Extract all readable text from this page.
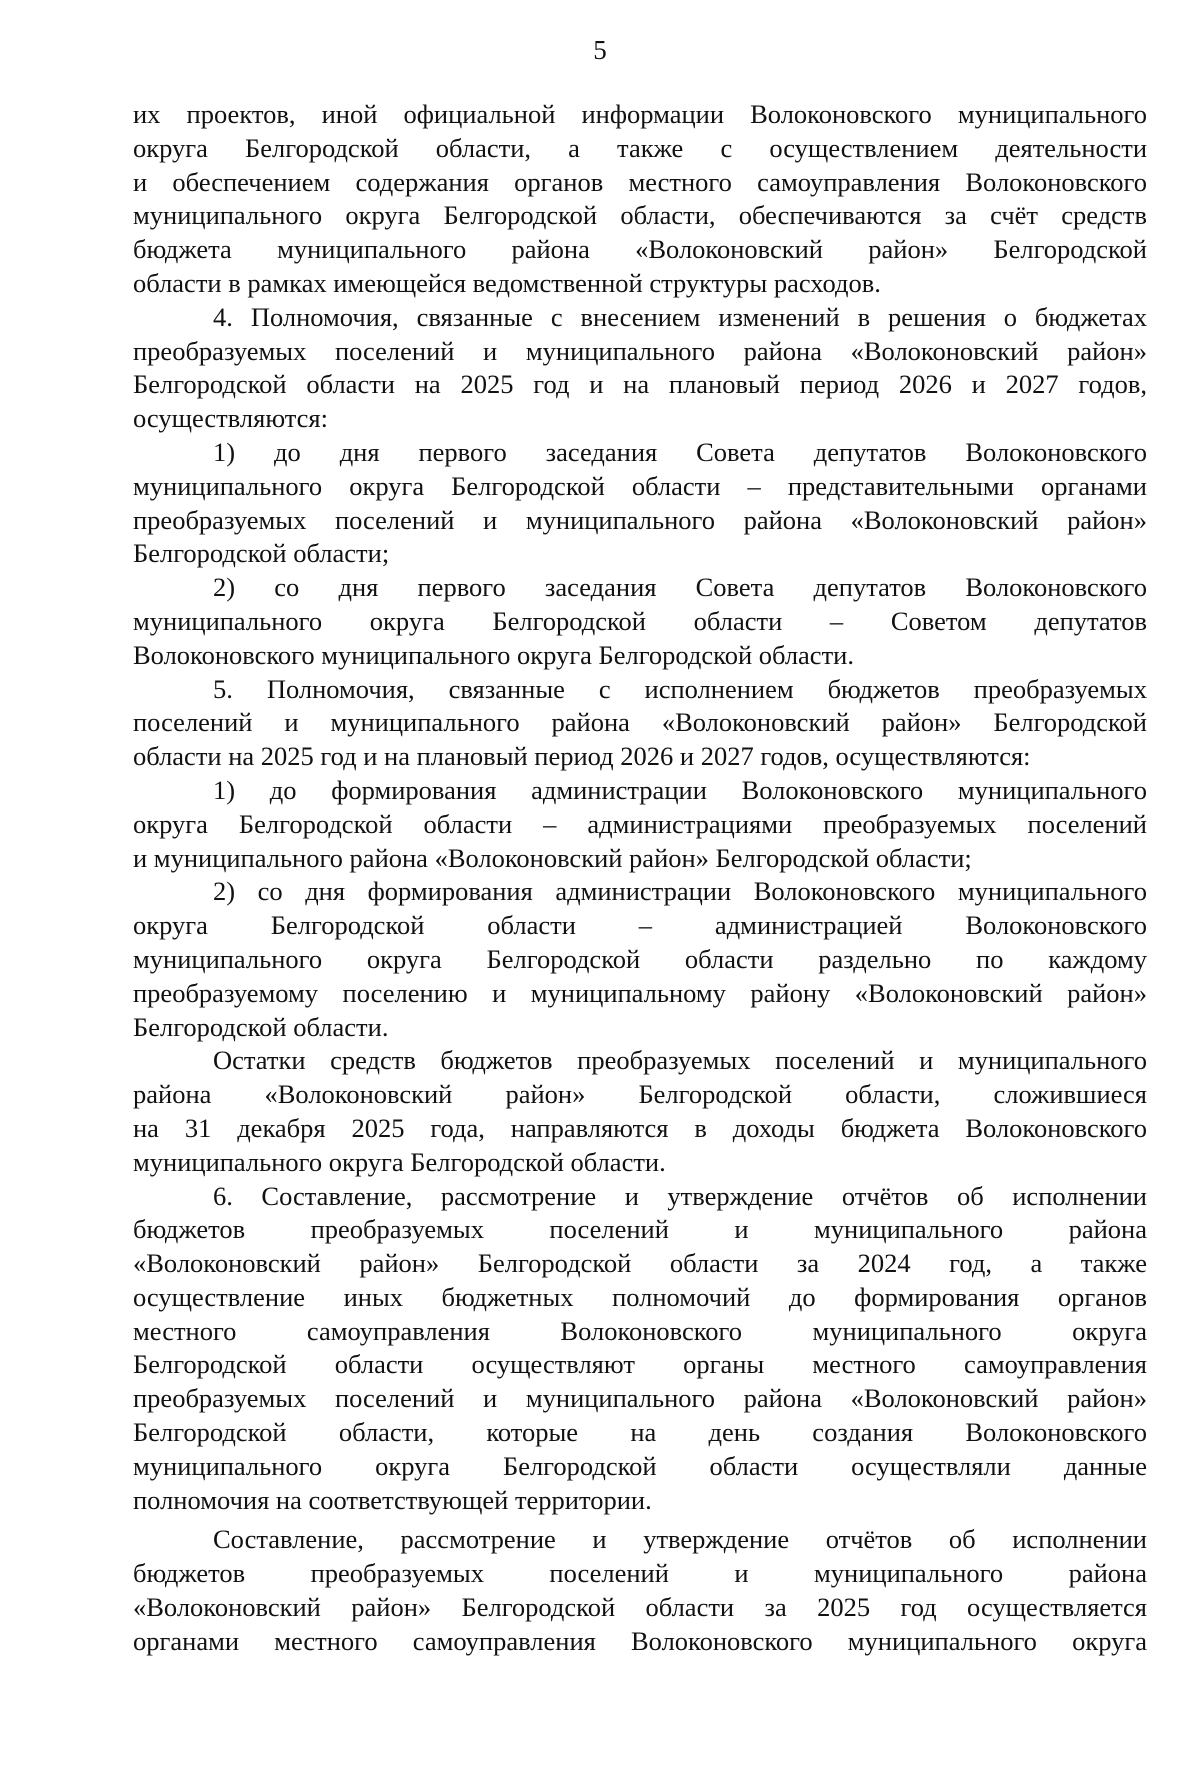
5
их проектов, иной официальной информации Волоконовского муниципального
округа Белгородской области, а также с осуществлением деятельности
и обеспечением содержания органов местного самоуправления Волоконовского
муниципального округа Белгородской области, обеспечиваются за счёт средств
бюджета муниципального района «Волоконовский район» Белгородской
области в рамках имеющейся ведомственной структуры расходов.
4. Полномочия, связанные с внесением изменений в решения о бюджетах
преобразуемых поселений и муниципального района «Волоконовский район»
Белгородской области на 2025 год и на плановый период 2026 и 2027 годов,
осуществляются:
1) до дня первого заседания Совета депутатов Волоконовского
муниципального округа Белгородской области – представительными органами
преобразуемых поселений и муниципального района «Волоконовский район»
Белгородской области;
2) со дня первого заседания Совета депутатов Волоконовского
муниципального округа Белгородской области – Советом депутатов
Волоконовского муниципального округа Белгородской области.
5. Полномочия, связанные с исполнением бюджетов преобразуемых
поселений и муниципального района «Волоконовский район» Белгородской
области на 2025 год и на плановый период 2026 и 2027 годов, осуществляются:
1) до формирования администрации Волоконовского муниципального
округа Белгородской области – администрациями преобразуемых поселений
и муниципального района «Волоконовский район» Белгородской области;
2) со дня формирования администрации Волоконовского муниципального
округа Белгородской области – администрацией Волоконовского
муниципального округа Белгородской области раздельно по каждому
преобразуемому поселению и муниципальному району «Волоконовский район»
Белгородской области.
Остатки средств бюджетов преобразуемых поселений и муниципального
района «Волоконовский район» Белгородской области, сложившиеся
на 31 декабря 2025 года, направляются в доходы бюджета Волоконовского
муниципального округа Белгородской области.
6. Составление, рассмотрение и утверждение отчётов об исполнении
бюджетов преобразуемых поселений и муниципального района
«Волоконовский район» Белгородской области за 2024 год, а также
осуществление иных бюджетных полномочий до формирования органов
местного самоуправления Волоконовского муниципального округа
Белгородской области осуществляют органы местного самоуправления
преобразуемых поселений и муниципального района «Волоконовский район»
Белгородской области, которые на день создания Волоконовского
муниципального округа Белгородской области осуществляли данные
полномочия на соответствующей территории.
Составление, рассмотрение и утверждение отчётов об исполнении
бюджетов преобразуемых поселений и муниципального района
«Волоконовский район» Белгородской области за 2025 год осуществляется
органами местного самоуправления Волоконовского муниципального округа
